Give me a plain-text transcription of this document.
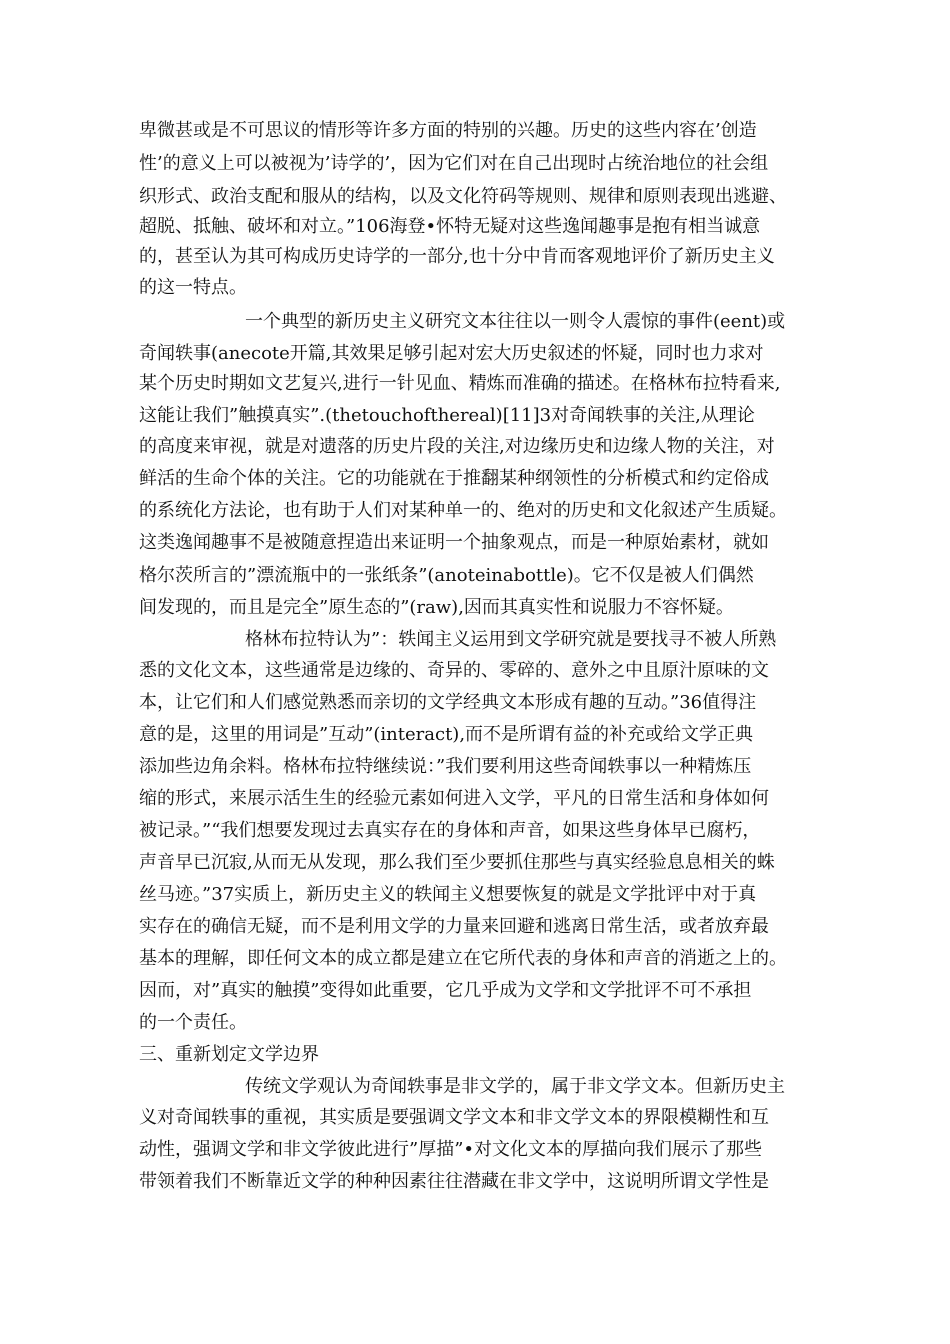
卑微甚或是不可思议的情形等许多方面的特别的兴趣。历史的这些内容在’创造
性’的意义上可以被视为’诗学的’，因为它们对在自己出现时占统治地位的社会组
织形式、政治支配和服从的结构，以及文化符码等规则、规律和原则表现出逃避、
超脱、抵触、破坏和对立。”106海登•怀特无疑对这些逸闻趣事是抱有相当诚意
的，甚至认为其可构成历史诗学的一部分,也十分中肯而客观地评价了新历史主义
的这一特点。
一个典型的新历史主义研究文本往往以一则令人震惊的事件(eent)或
奇闻轶事(anecote开篇,其效果足够引起对宏大历史叙述的怀疑，同时也力求对
某个历史时期如文艺复兴,进行一针见血、精炼而准确的描述。在格林布拉特看来,
这能让我们”触摸真实”.(thetouchofthereal)[11]3对奇闻轶事的关注,从理论
的高度来审视，就是对遗落的历史片段的关注,对边缘历史和边缘人物的关注，对
鲜活的生命个体的关注。它的功能就在于推翻某种纲领性的分析模式和约定俗成
的系统化方法论，也有助于人们对某种单一的、绝对的历史和文化叙述产生质疑。
这类逸闻趣事不是被随意捏造出来证明一个抽象观点，而是一种原始素材，就如
格尔茨所言的”漂流瓶中的一张纸条”(anoteinabottle)。它不仅是被人们偶然
间发现的，而且是完全”原生态的”(raw),因而其真实性和说服力不容怀疑。
格林布拉特认为”：轶闻主义运用到文学研究就是要找寻不被人所熟
悉的文化文本，这些通常是边缘的、奇异的、零碎的、意外之中且原汁原味的文
本，让它们和人们感觉熟悉而亲切的文学经典文本形成有趣的互动。”36值得注
意的是，这里的用词是”互动”(interact),而不是所谓有益的补充或给文学正典
添加些边角余料。格林布拉特继续说：”我们要利用这些奇闻轶事以一种精炼压
缩的形式，来展示活生生的经验元素如何进入文学，平凡的日常生活和身体如何
被记录。”“我们想要发现过去真实存在的身体和声音，如果这些身体早已腐朽，
声音早已沉寂,从而无从发现，那么我们至少要抓住那些与真实经验息息相关的蛛
丝马迹。”37实质上，新历史主义的轶闻主义想要恢复的就是文学批评中对于真
实存在的确信无疑，而不是利用文学的力量来回避和逃离日常生活，或者放弃最
基本的理解，即任何文本的成立都是建立在它所代表的身体和声音的消逝之上的。
因而，对”真实的触摸”变得如此重要，它几乎成为文学和文学批评不可不承担
的一个责任。
三、重新划定文学边界
传统文学观认为奇闻轶事是非文学的，属于非文学文本。但新历史主
义对奇闻轶事的重视，其实质是要强调文学文本和非文学文本的界限模糊性和互
动性，强调文学和非文学彼此进行”厚描”•对文化文本的厚描向我们展示了那些
带领着我们不断靠近文学的种种因素往往潜藏在非文学中，这说明所谓文学性是
